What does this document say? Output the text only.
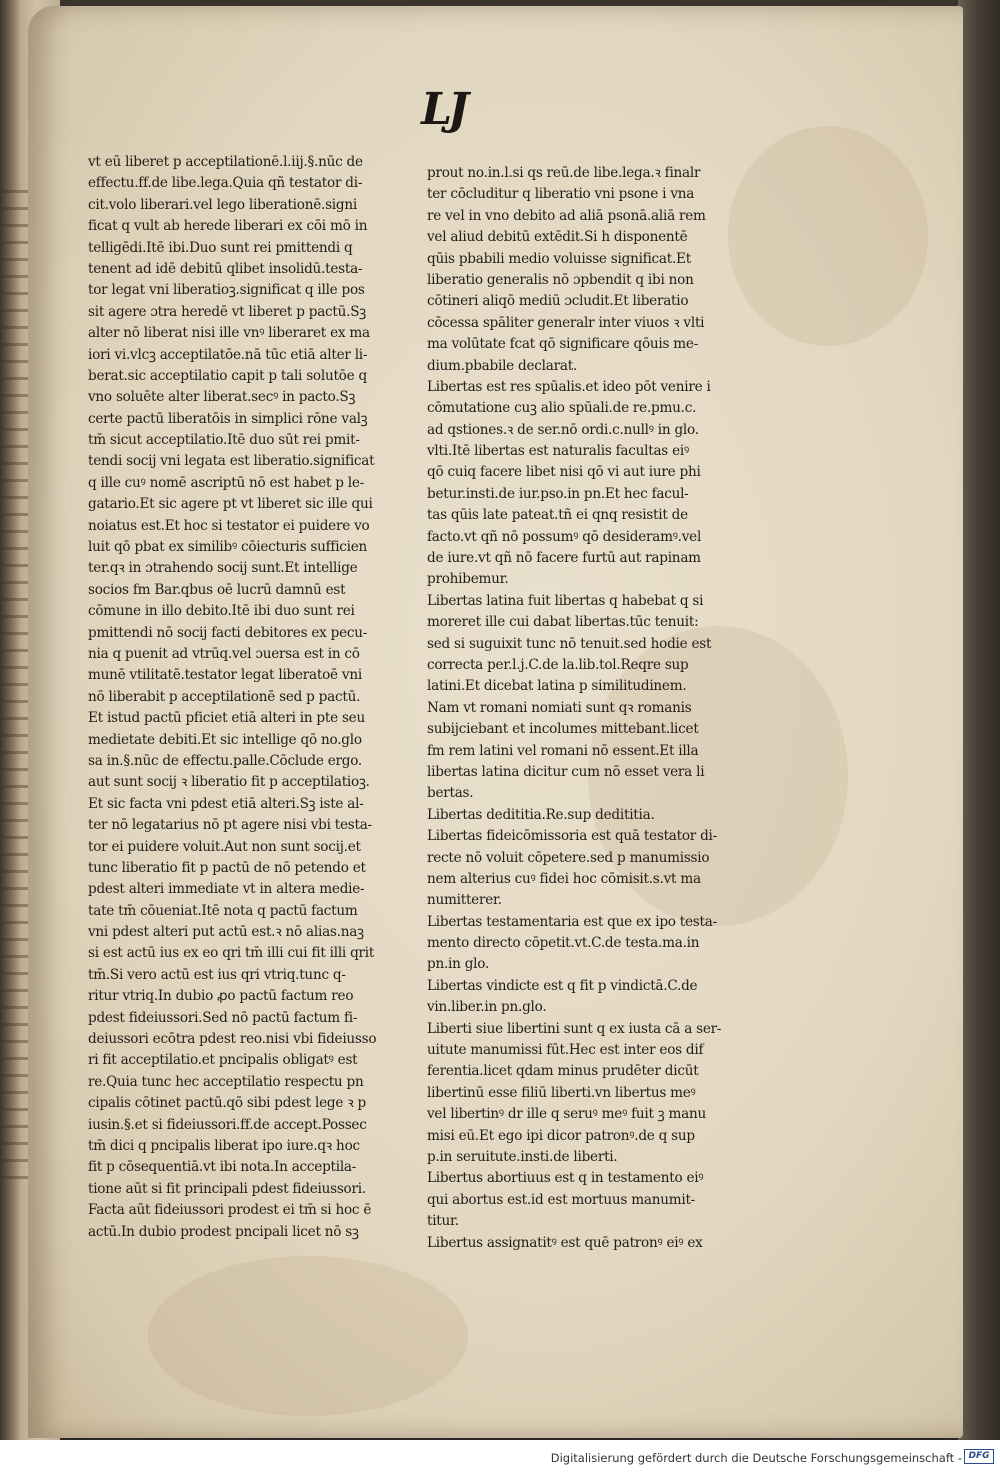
LJ
vt eū liberet p acceptilationē.l.iij.§.nūc de
effectu.ff.de libe.lega.Quia qñ testator di-
cit.volo liberari.vel lego liberationē.signi
ficat q vult ab herede liberari ex cōi mō in
telligēdi.Itē ibi.Duo sunt rei pmittendi q
tenent ad idē debitū qlibet insolidū.testa-
tor legat vni liberatioꝫ.significat q ille pos
sit agere ɔtra heredē vt liberet p pactū.Sꝫ
alter nō liberat nisi ille vnꝰ liberaret ex ma
iori vi.vlcꝫ acceptilatōe.nā tūc etiā alter li-
berat.sic acceptilatio capit p tali solutōe q
vno soluēte alter liberat.secꝰ in pacto.Sꝫ
certe pactū liberatōis in simplici rōne valꝫ
tm̄ sicut acceptilatio.Itē duo sūt rei pmit-
tendi socij vni legata est liberatio.significat
q ille cuꝰ nomē ascriptū nō est habet p le-
gatario.Et sic agere pt vt liberet sic ille qui
noiatus est.Et hoc si testator ei puidere vo
luit qō pbat ex similibꝰ cōiecturis sufficien
ter.qꝛ in ɔtrahendo socij sunt.Et intellige
socios fm Bar.qbus oē lucrū damnū est
cōmune in illo debito.Itē ibi duo sunt rei
pmittendi nō socij facti debitores ex pecu-
nia q puenit ad vtrūq.vel ɔuersa est in cō
munē vtilitatē.testator legat liberatoē vni
nō liberabit p acceptilationē sed p pactū.
Et istud pactū pficiet etiā alteri in pte seu
medietate debiti.Et sic intellige qō no.glo
sa in.§.nūc de effectu.palle.Cōclude ergo.
aut sunt socij ꝛ liberatio fit p acceptilatioꝫ.
Et sic facta vni pdest etiā alteri.Sꝫ iste al-
ter nō legatarius nō pt agere nisi vbi testa-
tor ei puidere voluit.Aut non sunt socij.et
tunc liberatio fit p pactū de nō petendo et
pdest alteri immediate vt in altera medie-
tate tm̄ cōueniat.Itē nota q pactū factum
vni pdest alteri put actū est.ꝛ nō alias.naꝫ
si est actū ius ex eo qri tm̄ illi cui fit illi qrit
tm̄.Si vero actū est ius qri vtriq.tunc q-
ritur vtriq.In dubio ꝓo pactū factum reo
pdest fideiussori.Sed nō pactū factum fi-
deiussori ecōtra pdest reo.nisi vbi fideiusso
ri fit acceptilatio.et pncipalis obligatꝰ est
re.Quia tunc hec acceptilatio respectu pn
cipalis cōtinet pactū.qō sibi pdest lege ꝛ p
iusin.§.et si fideiussori.ff.de accept.Possec
tm̄ dici q pncipalis liberat ipo iure.qꝛ hoc
fit p cōsequentiā.vt ibi nota.In acceptila-
tione aūt si fit principali pdest fideiussori.
Facta aūt fideiussori prodest ei tm̄ si hoc ē
actū.In dubio prodest pncipali licet nō sꝫ
prout no.in.l.si qs reū.de libe.lega.ꝛ finalr
ter cōcluditur q liberatio vni psone i vna
re vel in vno debito ad aliā psonā.aliā rem
vel aliud debitū extēdit.Si h disponentē
qūis pbabili medio voluisse significat.Et
liberatio generalis nō ɔpbendit q ibi non
cōtineri aliqō mediū ɔcludit.Et liberatio
cōcessa spāliter generalr inter viuos ꝛ vlti
ma volūtate fcat qō significare qōuis me-
dium.pbabile declarat.
Libertas est res spūalis.et ideo pōt venire i
cōmutatione cuꝫ alio spūali.de re.pmu.c.
ad qstiones.ꝛ de ser.nō ordi.c.nullꝰ in glo.
vlti.Itē libertas est naturalis facultas eiꝰ
qō cuiq facere libet nisi qō vi aut iure phi
betur.insti.de iur.pso.in pn.Et hec facul-
tas qūis late pateat.tñ ei qnq resistit de
facto.vt qñ nō possumꝰ qō desideramꝰ.vel
de iure.vt qñ nō facere furtū aut rapinam
prohibemur.
Libertas latina fuit libertas q habebat q si
moreret ille cui dabat libertas.tūc tenuit:
sed si suguixit tunc nō tenuit.sed hodie est
correcta per.l.j.C.de la.lib.tol.Reqre sup
latini.Et dicebat latina p similitudinem.
Nam vt romani nomiati sunt qꝛ romanis
subijciebant et incolumes mittebant.licet
fm rem latini vel romani nō essent.Et illa
libertas latina dicitur cum nō esset vera li
bertas.
Libertas dedititia.Re.sup dedititia.
Libertas fideicōmissoria est quā testator di-
recte nō voluit cōpetere.sed p manumissio
nem alterius cuꝰ fidei hoc cōmisit.s.vt ma
numitterer.
Libertas testamentaria est que ex ipo testa-
mento directo cōpetit.vt.C.de testa.ma.in
pn.in glo.
Libertas vindicte est q fit p vindictā.C.de
vin.liber.in pn.glo.
Liberti siue libertini sunt q ex iusta cā a ser-
uitute manumissi fūt.Hec est inter eos dif
ferentia.licet qdam minus prudēter dicūt
libertinū esse filiū liberti.vn libertus meꝰ
vel libertinꝰ dr ille q seruꝰ meꝰ fuit ꝫ manu
misi eū.Et ego ipi dicor patronꝰ.de q sup
p.in seruitute.insti.de liberti.
Libertus abortiuus est q in testamento eiꝰ
qui abortus est.id est mortuus manumit-
titur.
Libertus assignatitꝰ est quē patronꝰ eiꝰ ex
Digitalisierung gefördert durch die Deutsche Forschungsgemeinschaft - DFG
